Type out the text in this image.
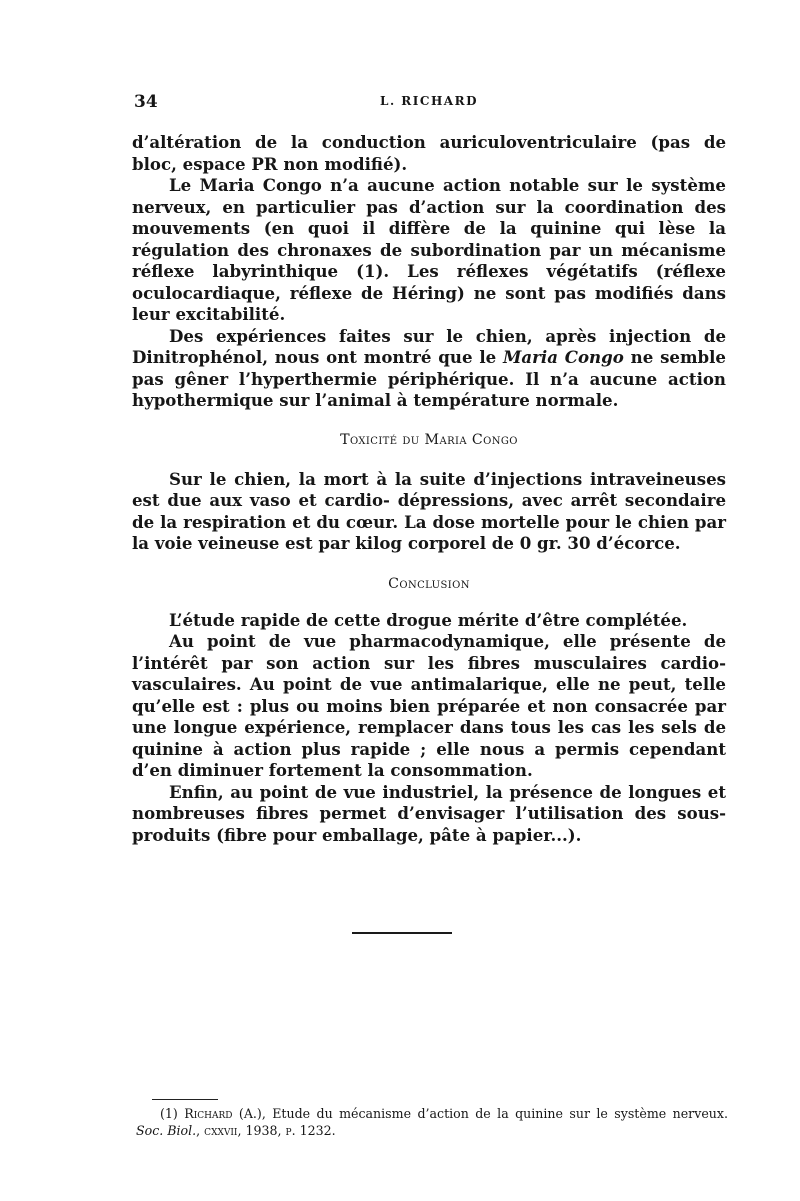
34	L. RICHARD

d’altération de la conduction auriculoventriculaire (pas de bloc, espace PR non modifié).

Le Maria Congo n’a aucune action notable sur le système nerveux, en particulier pas d’action sur la coordination des mouvements (en quoi il diffère de la quinine qui lèse la régulation des chronaxes de subordination par un mécanisme réflexe labyrinthique (1). Les réflexes végétatifs (réflexe oculocardiaque, réflexe de Héring) ne sont pas modifiés dans leur excitabilité.

Des expériences faites sur le chien, après injection de Dinitrophénol, nous ont montré que le Maria Congo ne semble pas gêner l’hyperthermie périphérique. Il n’a aucune action hypothermique sur l’animal à température normale.

Toxicité du Maria Congo

Sur le chien, la mort à la suite d’injections intraveineuses est due aux vaso et cardio- dépressions, avec arrêt secondaire de la respiration et du cœur. La dose mortelle pour le chien par la voie veineuse est par kilog corporel de 0 gr. 30 d’écorce.

Conclusion

L’étude rapide de cette drogue mérite d’être complétée.

Au point de vue pharmacodynamique, elle présente de l’intérêt par son action sur les fibres musculaires cardio-vasculaires. Au point de vue antimalarique, elle ne peut, telle qu’elle est : plus ou moins bien préparée et non consacrée par une longue expérience, remplacer dans tous les cas les sels de quinine à action plus rapide ; elle nous a permis cependant d’en diminuer fortement la consommation.

Enfin, au point de vue industriel, la présence de longues et nombreuses fibres permet d’envisager l’utilisation des sous-produits (fibre pour emballage, pâte à papier...).

(1) Richard (A.), Etude du mécanisme d’action de la quinine sur le système nerveux. Soc. Biol., cxxvii, 1938, p. 1232.
